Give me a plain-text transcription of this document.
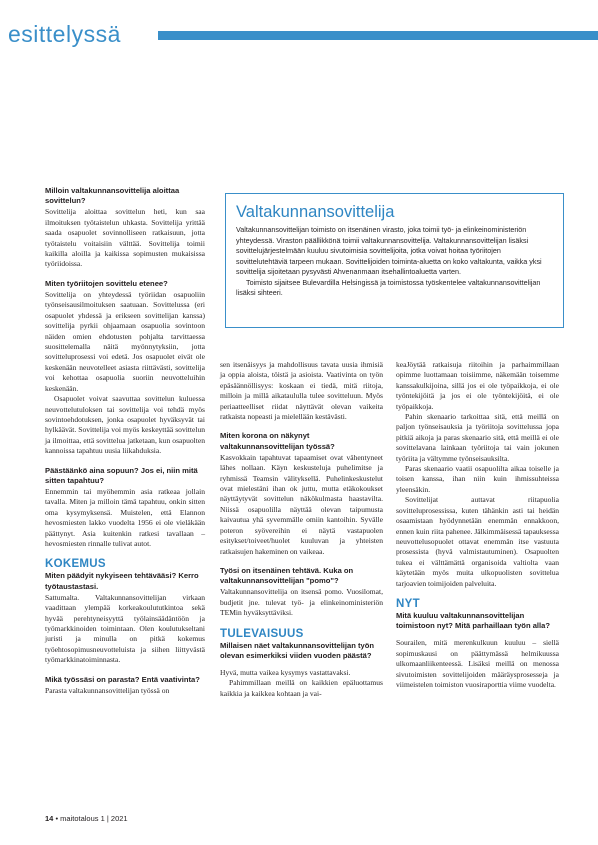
esittelyssä
Valtakunnansovittelija

Valtakunnansovittelijan toimisto on itsenäinen virasto, joka toimii työ- ja elinkeinoministeriön yhteydessä. Viraston päällikkönä toimii valtakunnansovittelija. Valtakunnansovittelijan lisäksi sovittelujärjestelmään kuuluu sivutoimisia sovittelijoita, jotka voivat hoitaa työriitojen sovittelutehtäviä tarpeen mukaan. Sovittelijoiden toiminta-aluetta on koko valtakunta, vaikka yksi sovittelija sijoitetaan pysyvästi Ahvenanmaan itsehallintoaluetta varten.

Toimisto sijaitsee Bulevardilla Helsingissä ja toimistossa työskentelee valtakunnansovittelijan lisäksi sihteeri.

Milloin valtakunnansovittelija aloittaa sovittelun?

Sovittelija aloittaa sovittelun heti, kun saa ilmoituksen työtaistelun uhkasta. Sovittelija yrittää saada osapuolet sovinnolliseen ratkaisuun, jotta työtaistelu voitaisiin välttää. Sovittelija toimii kaikilla aloilla ja kaikissa sopimusten mukaisissa työriidoissa.

Miten työriitojen sovittelu etenee?

Sovittelija on yhteydessä työriidan osapuoliin työnseisausilmoituksen saatuaan. Sovittelussa (eri osapuolet yhdessä ja erikseen sovittelijan kanssa) sovittelija pyrkii ohjaamaan osapuolia sovintoon näiden omien ehdotusten pohjalta tarvittaessa suosittelemalla näitä myönnytyksiin, jotta sovitteluprosessi voi edetä. Jos osapuolet eivät ole keskenään neuvotelleet asiasta riittävästi, sovittelija voi kehottaa osapuolia suoriin neuvotteluihin keskenään.

Osapuolet voivat saavuttaa sovittelun kuluessa neuvottelutuloksen tai sovittelija voi tehdä myös sovintoehdotuksen, jonka osapuolet hyväksyvät tai hylkäävät. Sovittelija voi myös keskeyttää sovittelun ja ilmoittaa, että sovittelua jatketaan, kun osapuolten kannoissa tapahtuu uusia liikahduksia.

Päästäänkö aina sopuun? Jos ei, niin mitä sitten tapahtuu?

Ennemmin tai myöhemmin asia ratkeaa jollain tavalla. Miten ja milloin tämä tapahtuu, onkin sitten oma kysymyksensä. Muistelen, että Elannon hevosmiesten lakko vuodelta 1956 ei ole vieläkään päättynyt. Asia kuitenkin ratkesi tavallaan – hevosmiesten rinnalle tulivat autot.

KOKEMUS
Miten päädyit nykyiseen tehtävääsi? Kerro työtaustastasi.

Sattumalta. Valtakunnansovittelijan virkaan vaadittaan ylempää korkeakoulututkintoa sekä hyvää perehtyneisyyttä työlainsäädäntöön ja työmarkkinoiden toimintaan. Olen koulutukseltani juristi ja minulla on pitkä kokemus työehtosopimusneuvotteluista ja siihen liittyvästä työmarkkinatoiminnasta.

Mikä työssäsi on parasta? Entä vaativinta?

Parasta valtakunnansovittelijan työssä on

sen itsenäisyys ja mahdollisuus tavata uusia ihmisiä ja oppia aloista, töistä ja asioista. Vaativinta on työn epäsäännöllisyys: koskaan ei tiedä, mitä riitoja, milloin ja millä aikataululla tulee sovitteluun. Myös periaatteelliset riidat näyttävät olevan vaikeita ratkaista nopeasti ja mielellään kestävästi.

Miten korona on näkynyt valtakunnansovittelijan työssä?

Kasvokkain tapahtuvat tapaamiset ovat vähentyneet lähes nollaan. Käyn keskusteluja puhelimitse ja ryhmissä Teamsin välityksellä. Puhelinkeskustelut ovat mielestäni ihan ok juttu, mutta etäkokoukset näyttäytyvät sovittelun näkökulmasta haastavilta. Niissä osapuolilla näyttää olevan taipumusta kaivautua yhä syvemmälle omiin kantoihin. Syvälle poteron syövereihin ei näytä vastapuolen esitykset/toiveet/huolet kuuluvan ja yhteisten ratkaisujen hakeminen on vaikeaa.

Työsi on itsenäinen tehtävä. Kuka on valtakunnansovittelijan "pomo"?

Valtakunnansovittelija on itsensä pomo. Vuosilomat, budjetit jne. tulevat työ- ja elinkeinoministeriön TEMin hyväksyttäviksi.

TULEVAISUUS
Millaisen näet valtakunnansovittelijan työn olevan esimerkiksi viiden vuoden päästä?

Hyvä, mutta vaikea kysymys vastattavaksi.

Pahimmillaan meillä on kaikkien epäluottamus kaikkia ja kaikkea kohtaan ja vai-

keaJöytää ratkaisuja riitoihin ja parhaimmillaan opimme luottamaan toisiimme, näkemään toisemme kanssakulkijoina, sillä jos ei ole työpaikkoja, ei ole työntekijöitä ja jos ei ole työntekijöitä, ei ole työpaikkoja.

Pahin skenaario tarkoittaa sitä, että meillä on paljon työnseisauksia ja työriitoja sovittelussa jopa pitkiä aikoja ja paras skenaario sitä, että meillä ei ole sovittelavana lainkaan työriitoja tai vain jokunen työriita ja vältymme työnseisauksilta.

Paras skenaario vaatii osapuolilta aikaa toiselle ja toisen kanssa, ihan niin kuin ihmissuhteissa yleensäkin.

Sovittelijat auttavat riitapuolia sovitteluprosessissa, kuten tähänkin asti tai heidän osaamistaan hyödynnetään enemmän ennakkoon, ennen kuin riita pahenee. Jälkimmäisessä tapauksessa neuvottelusopuolet ottavat enemmän itse vastuuta prosessista (hyvä valmistautuminen). Osapuolten tukea ei välttämättä organisoida valtiolta vaan käytetään myös muita ulkopuolisten sovittelua tarjoavien toimijoiden palveluita.

NYT
Mitä kuuluu valtakunnansovittelijan toimistoon nyt? Mitä parhaillaan työn alla?

Sourailen, mitä merenkulkuun kuuluu – siellä sopimuskausi on päättymässä helmikuussa ulkomaanliikenteessä. Lisäksi meillä on menossa sivutoimisten sovittelijoiden määräysprosesseja ja viimeistelen toimiston vuosiraporttia viime vuodelta.

14 • maitotalous 1 | 2021
